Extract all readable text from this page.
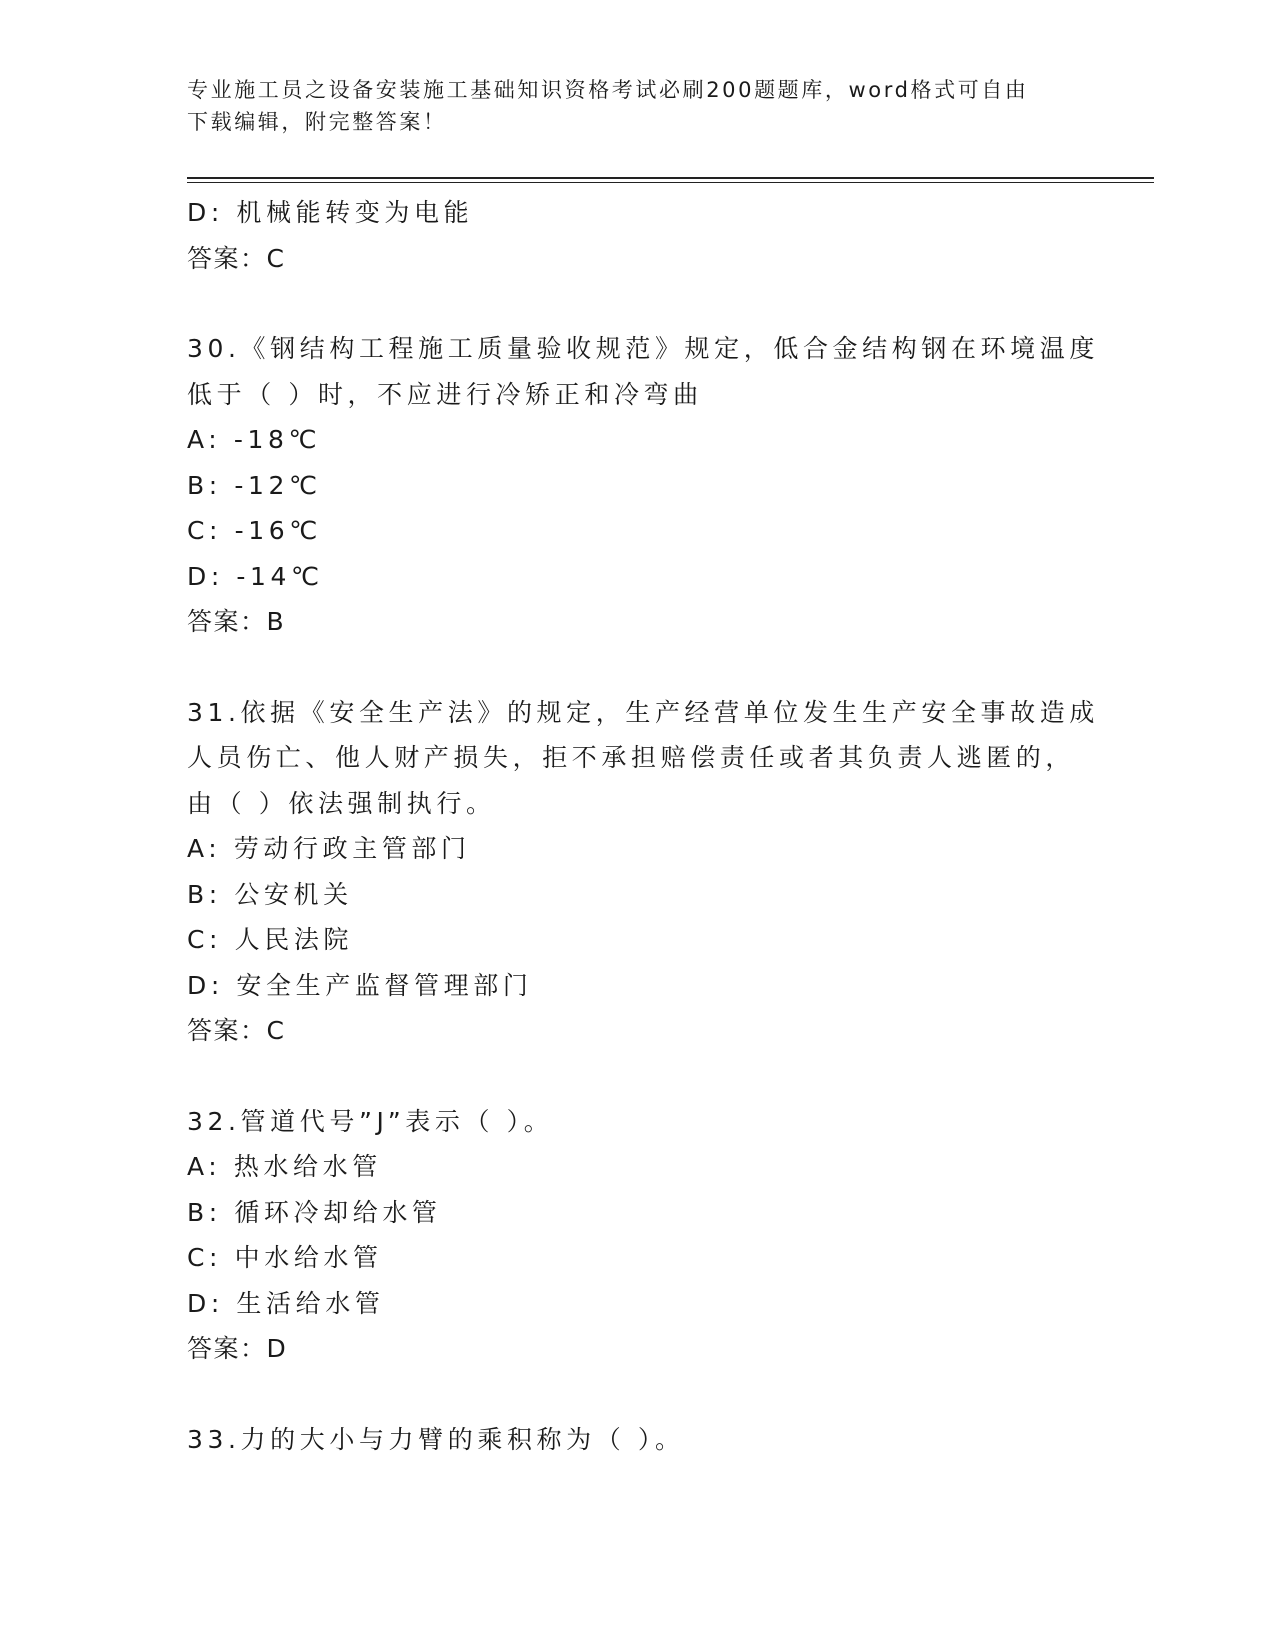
专业施工员之设备安装施工基础知识资格考试必刷200题题库，word格式可自由
下载编辑，附完整答案！
D: 机械能转变为电能
答案：C
30.《钢结构工程施工质量验收规范》规定，低合金结构钢在环境温度
低于（ ）时，不应进行冷矫正和冷弯曲
A: -18℃
B: -12℃
C: -16℃
D: -14℃
答案：B
31.依据《安全生产法》的规定，生产经营单位发生生产安全事故造成
人员伤亡、他人财产损失，拒不承担赔偿责任或者其负责人逃匿的，
由（ ）依法强制执行。
A: 劳动行政主管部门
B: 公安机关
C: 人民法院
D: 安全生产监督管理部门
答案：C
32.管道代号”J”表示（ ）。
A: 热水给水管
B: 循环冷却给水管
C: 中水给水管
D: 生活给水管
答案：D
33.力的大小与力臂的乘积称为（ ）。
